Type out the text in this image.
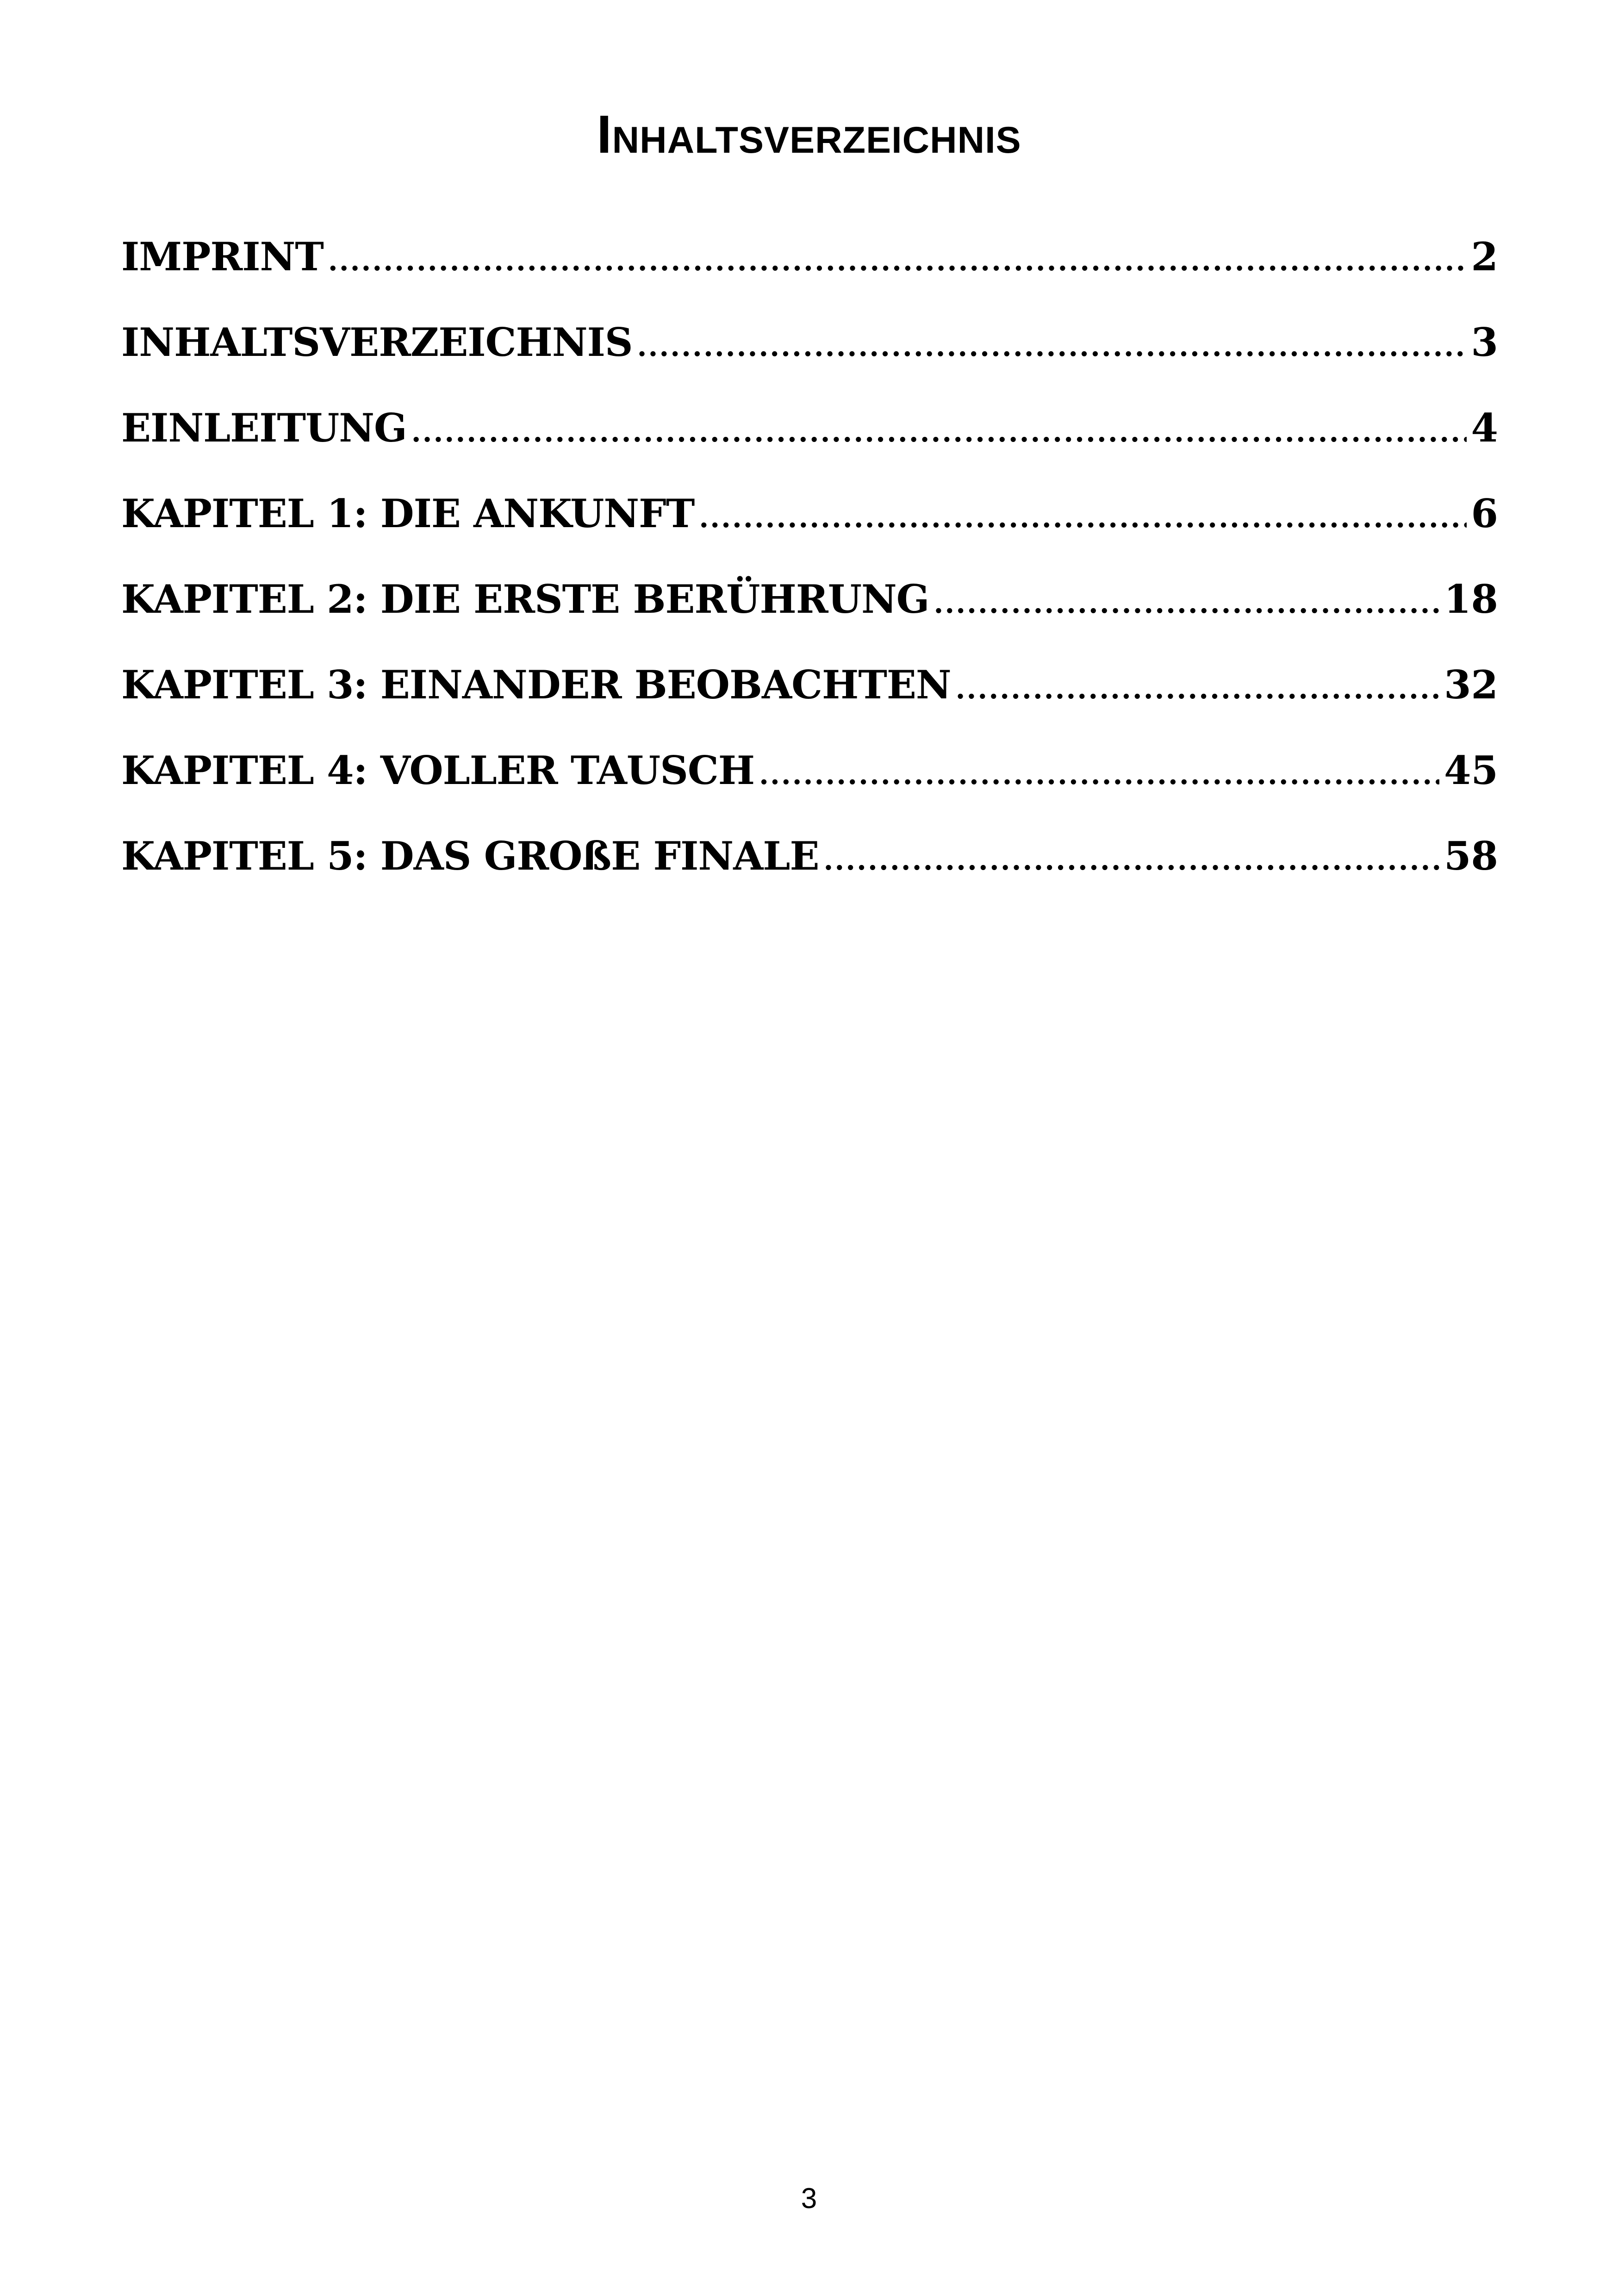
Inhaltsverzeichnis
IMPRINT .....	2
INHALTSVERZEICHNIS .....	3
EINLEITUNG .....	4
KAPITEL 1: DIE ANKUNFT .....	6
KAPITEL 2: DIE ERSTE BERÜHRUNG .....	18
KAPITEL 3: EINANDER BEOBACHTEN .....	32
KAPITEL 4: VOLLER TAUSCH .....	45
KAPITEL 5: DAS GROßE FINALE .....	58
3
